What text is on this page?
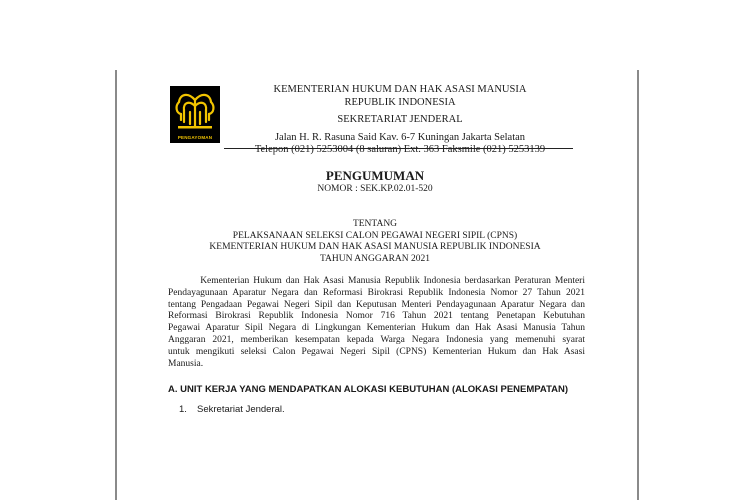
PENGAYOMAN
KEMENTERIAN HUKUM DAN HAK ASASI MANUSIA
REPUBLIK INDONESIA
SEKRETARIAT JENDERAL
Jalan H. R. Rasuna Said Kav. 6-7 Kuningan Jakarta Selatan
Telepon (021) 5253004 (8 saluran) Ext. 363 Faksmile (021) 5253139
PENGUMUMAN
NOMOR : SEK.KP.02.01-520
TENTANG
PELAKSANAAN SELEKSI CALON PEGAWAI NEGERI SIPIL (CPNS)
KEMENTERIAN HUKUM DAN HAK ASASI MANUSIA REPUBLIK INDONESIA
TAHUN ANGGARAN 2021
Kementerian Hukum dan Hak Asasi Manusia Republik Indonesia berdasarkan Peraturan Menteri
Pendayagunaan Aparatur Negara dan Reformasi Birokrasi Republik Indonesia Nomor 27 Tahun 2021
tentang Pengadaan Pegawai Negeri Sipil dan Keputusan Menteri Pendayagunaan Aparatur Negara dan
Reformasi Birokrasi Republik Indonesia Nomor 716 Tahun 2021 tentang Penetapan Kebutuhan
Pegawai Aparatur Sipil Negara di Lingkungan Kementerian Hukum dan Hak Asasi Manusia Tahun
Anggaran 2021, memberikan kesempatan kepada Warga Negara Indonesia yang memenuhi syarat
untuk mengikuti seleksi Calon Pegawai Negeri Sipil (CPNS) Kementerian Hukum dan Hak Asasi
Manusia.
A. UNIT KERJA YANG MENDAPATKAN ALOKASI KEBUTUHAN (ALOKASI PENEMPATAN)
1. Sekretariat Jenderal.
